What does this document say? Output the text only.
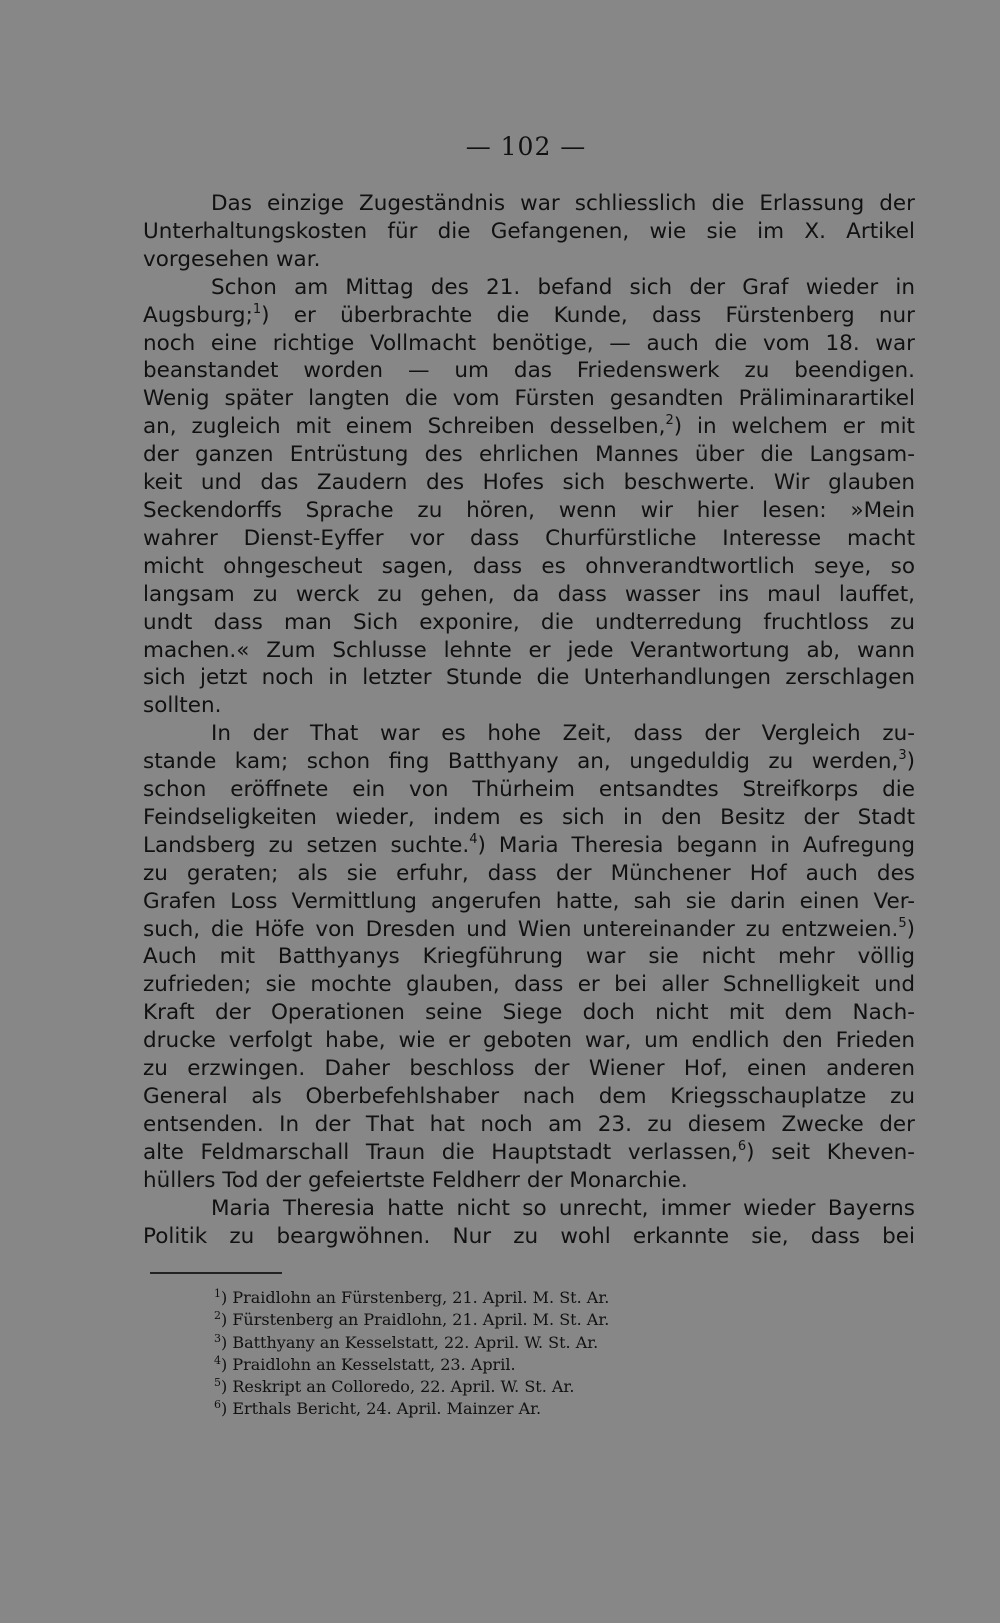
— 102 —
Das einzige Zugeständnis war schliesslich die Erlassung der
Unterhaltungskosten für die Gefangenen, wie sie im X. Artikel
vorgesehen war.
Schon am Mittag des 21. befand sich der Graf wieder in
Augsburg;$^1$) er überbrachte die Kunde, dass Fürstenberg nur
noch eine richtige Vollmacht benötige, — auch die vom 18. war
beanstandet worden — um das Friedenswerk zu beendigen.
Wenig später langten die vom Fürsten gesandten Präliminarartikel
an, zugleich mit einem Schreiben desselben,$^2$) in welchem er mit
der ganzen Entrüstung des ehrlichen Mannes über die Langsam-
keit und das Zaudern des Hofes sich beschwerte. Wir glauben
Seckendorffs Sprache zu hören, wenn wir hier lesen: »Mein
wahrer Dienst-Eyffer vor dass Churfürstliche Interesse macht
micht ohngescheut sagen, dass es ohnverandtwortlich seye, so
langsam zu werck zu gehen, da dass wasser ins maul lauffet,
undt dass man Sich exponire, die undterredung fruchtloss zu
machen.« Zum Schlusse lehnte er jede Verantwortung ab, wann
sich jetzt noch in letzter Stunde die Unterhandlungen zerschlagen
sollten.
In der That war es hohe Zeit, dass der Vergleich zu-
stande kam; schon fing Batthyany an, ungeduldig zu werden,$^3$)
schon eröffnete ein von Thürheim entsandtes Streifkorps die
Feindseligkeiten wieder, indem es sich in den Besitz der Stadt
Landsberg zu setzen suchte.$^4$) Maria Theresia begann in Aufregung
zu geraten; als sie erfuhr, dass der Münchener Hof auch des
Grafen Loss Vermittlung angerufen hatte, sah sie darin einen Ver-
such, die Höfe von Dresden und Wien untereinander zu entzweien.$^5$)
Auch mit Batthyanys Kriegführung war sie nicht mehr völlig
zufrieden; sie mochte glauben, dass er bei aller Schnelligkeit und
Kraft der Operationen seine Siege doch nicht mit dem Nach-
drucke verfolgt habe, wie er geboten war, um endlich den Frieden
zu erzwingen. Daher beschloss der Wiener Hof, einen anderen
General als Oberbefehlshaber nach dem Kriegsschauplatze zu
entsenden. In der That hat noch am 23. zu diesem Zwecke der
alte Feldmarschall Traun die Hauptstadt verlassen,$^6$) seit Kheven-
hüllers Tod der gefeiertste Feldherr der Monarchie.
Maria Theresia hatte nicht so unrecht, immer wieder Bayerns
Politik zu beargwöhnen. Nur zu wohl erkannte sie, dass bei
$^1$) Praidlohn an Fürstenberg, 21. April. M. St. Ar.
$^2$) Fürstenberg an Praidlohn, 21. April. M. St. Ar.
$^3$) Batthyany an Kesselstatt, 22. April. W. St. Ar.
$^4$) Praidlohn an Kesselstatt, 23. April.
$^5$) Reskript an Colloredo, 22. April. W. St. Ar.
$^6$) Erthals Bericht, 24. April. Mainzer Ar.
